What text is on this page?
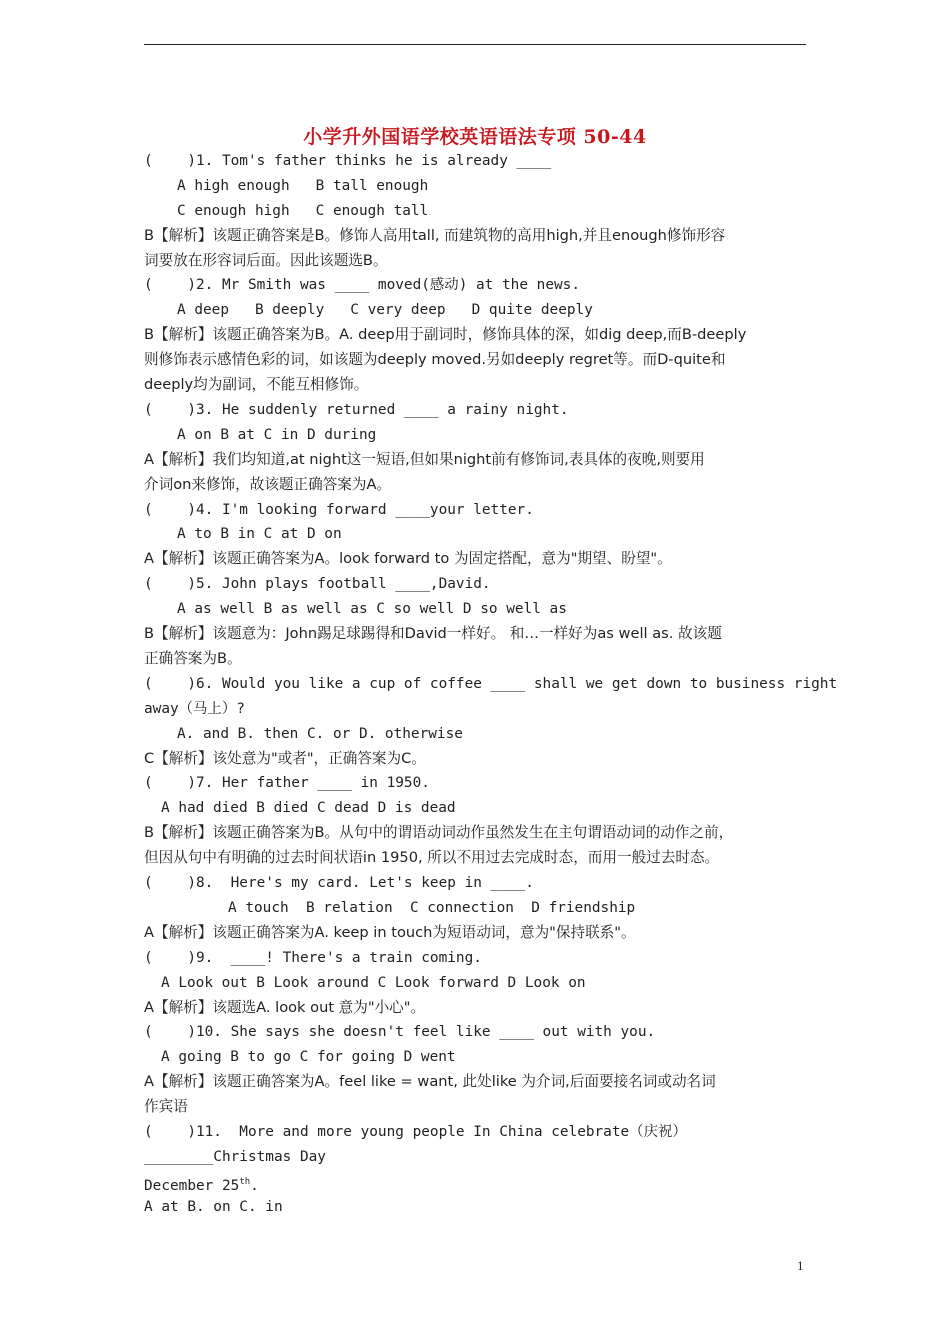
小学升外国语学校英语语法专项 50-44
(    )1. Tom's father thinks he is already ____
A high enough   B tall enough
C enough high   C enough tall
B【解析】该题正确答案是B。修饰人高用tall, 而建筑物的高用high,并且enough修饰形容
词要放在形容词后面。因此该题选B。
(    )2. Mr Smith was ____ moved(感动) at the news.
A deep   B deeply   C very deep   D quite deeply
B【解析】该题正确答案为B。A. deep用于副词时，修饰具体的深，如dig deep,而B-deeply
则修饰表示感情色彩的词，如该题为deeply moved.另如deeply regret等。而D-quite和
deeply均为副词，不能互相修饰。
(    )3. He suddenly returned ____ a rainy night.
A on B at C in D during
A【解析】我们均知道,at night这一短语,但如果night前有修饰词,表具体的夜晚,则要用
介词on来修饰，故该题正确答案为A。
(    )4. I'm looking forward ____your letter.
A to B in C at D on
A【解析】该题正确答案为A。look forward to 为固定搭配，意为"期望、盼望"。
(    )5. John plays football ____,David.
A as well B as well as C so well D so well as
B【解析】该题意为：John踢足球踢得和David一样好。 和…一样好为as well as. 故该题
正确答案为B。
(    )6. Would you like a cup of coffee ____ shall we get down to business right
away（马上）?
A. and B. then C. or D. otherwise
C【解析】该处意为"或者"，正确答案为C。
(    )7. Her father ____ in 1950.
A had died B died C dead D is dead
B【解析】该题正确答案为B。从句中的谓语动词动作虽然发生在主句谓语动词的动作之前，
但因从句中有明确的过去时间状语in 1950, 所以不用过去完成时态，而用一般过去时态。
(    )8.  Here's my card. Let's keep in ____.
A touch  B relation  C connection  D friendship
A【解析】该题正确答案为A. keep in touch为短语动词，意为"保持联系"。
(    )9.  ____! There's a train coming.
A Look out B Look around C Look forward D Look on
A【解析】该题选A. look out 意为"小心"。
(    )10. She says she doesn't feel like ____ out with you.
A going B to go C for going D went
A【解析】该题正确答案为A。feel like = want, 此处like 为介词,后面要接名词或动名词
作宾语
(    )11.  More and more young people In China celebrate（庆祝）
________Christmas Day
December 25th.
A at B. on C. in
1
